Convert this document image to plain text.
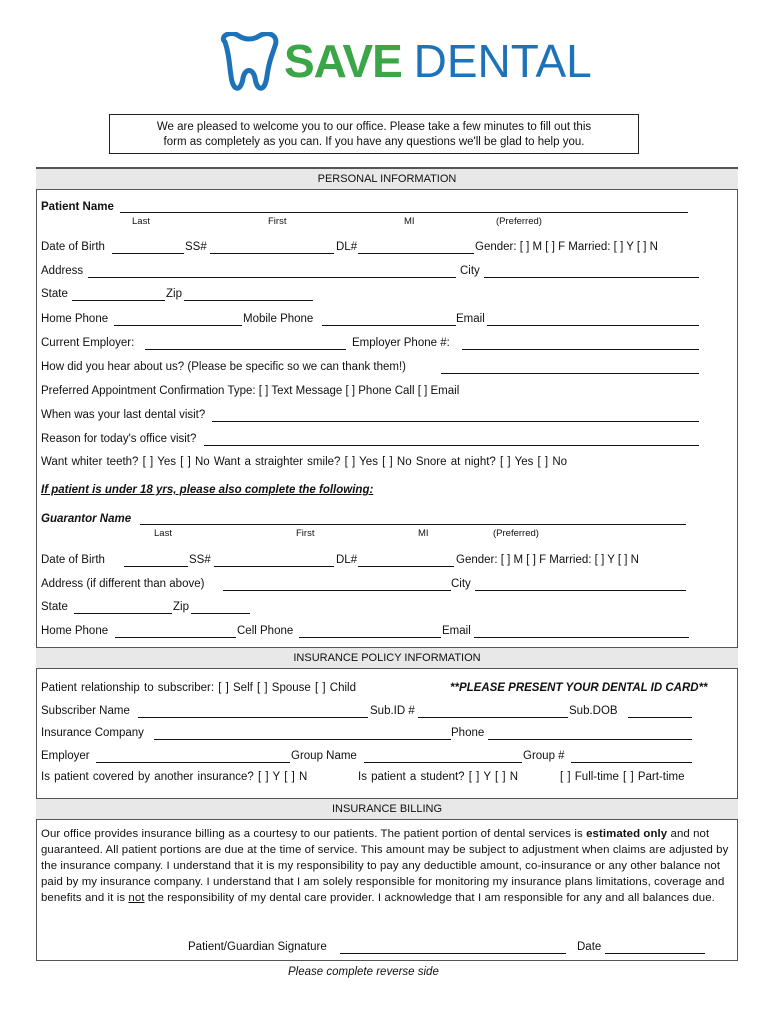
SAVE DENTAL
We are pleased to welcome you to our office. Please take a few minutes to fill out this
form as completely as you can. If you have any questions we'll be glad to help you.
PERSONAL INFORMATION
Patient Name
Last	First	MI	(Preferred)
Date of Birth	SS#	DL#	Gender: [ ] M [ ] F Married: [ ] Y [ ] N
Address	City
State	Zip
Home Phone	Mobile Phone	Email
Current Employer:	Employer Phone #:
How did you hear about us? (Please be specific so we can thank them!)
Preferred Appointment Confirmation Type: [ ] Text Message [ ] Phone Call [ ] Email
When was your last dental visit?
Reason for today's office visit?
Want whiter teeth? [ ] Yes [ ] No Want a straighter smile? [ ] Yes [ ] No Snore at night? [ ] Yes [ ] No
If patient is under 18 yrs, please also complete the following:
Guarantor Name
Last	First	MI	(Preferred)
Date of Birth	SS#	DL#	Gender: [ ] M [ ] F Married: [ ] Y [ ] N
Address (if different than above)	City
State	Zip
Home Phone	Cell Phone	Email
INSURANCE POLICY INFORMATION
Patient relationship to subscriber: [ ] Self [ ] Spouse [ ] Child	**PLEASE PRESENT YOUR DENTAL ID CARD**
Subscriber Name	Sub.ID #	Sub.DOB
Insurance Company	Phone
Employer	Group Name	Group #
Is patient covered by another insurance? [ ] Y [ ] N	Is patient a student? [ ] Y [ ] N	[ ] Full-time [ ] Part-time
INSURANCE BILLING
Our office provides insurance billing as a courtesy to our patients. The patient portion of dental services is estimated only and not guaranteed. All patient portions are due at the time of service. This amount may be subject to adjustment when claims are adjusted by the insurance company. I understand that it is my responsibility to pay any deductible amount, co-insurance or any other balance not paid by my insurance company. I understand that I am solely responsible for monitoring my insurance plans limitations, coverage and benefits and it is not the responsibility of my dental care provider. I acknowledge that I am responsible for any and all balances due.
Patient/Guardian Signature	Date
Please complete reverse side
